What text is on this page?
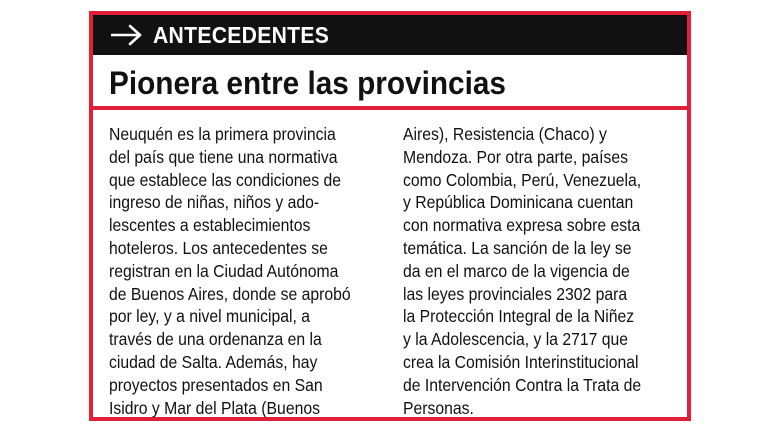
ANTECEDENTES
Pionera entre las provincias
Neuquén es la primera provincia
del país que tiene una normativa
que establece las condiciones de
ingreso de niñas, niños y ado-
lescentes a establecimientos
hoteleros. Los antecedentes se
registran en la Ciudad Autónoma
de Buenos Aires, donde se aprobó
por ley, y a nivel municipal, a
través de una ordenanza en la
ciudad de Salta. Además, hay
proyectos presentados en San
Isidro y Mar del Plata (Buenos
Aires), Resistencia (Chaco) y
Mendoza. Por otra parte, países
como Colombia, Perú, Venezuela,
y República Dominicana cuentan
con normativa expresa sobre esta
temática. La sanción de la ley se
da en el marco de la vigencia de
las leyes provinciales 2302 para
la Protección Integral de la Niñez
y la Adolescencia, y la 2717 que
crea la Comisión Interinstitucional
de Intervención Contra la Trata de
Personas.
